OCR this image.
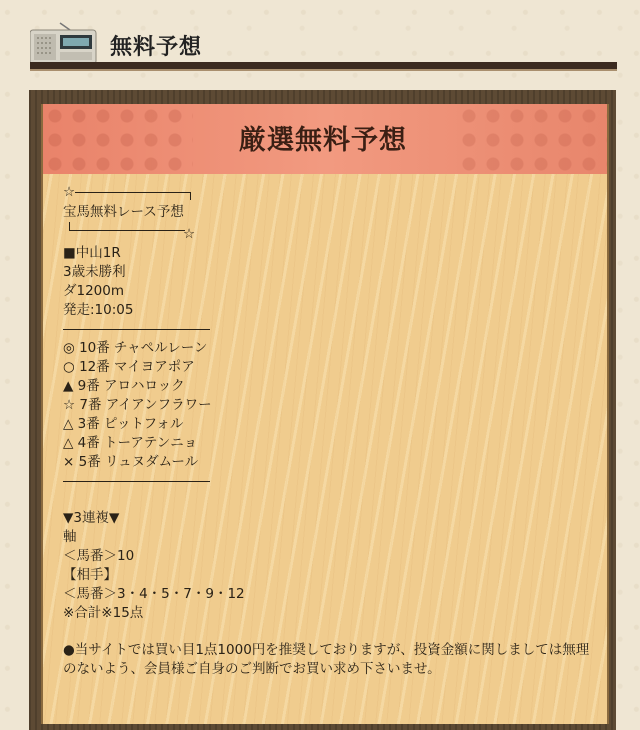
無料予想
厳選無料予想
☆
宝馬無料レース予想
☆
■中山1R
3歳未勝利
ダ1200m
発走:10:05
◎ 10番 チャペルレーン
○ 12番 マイヨアポア
▲ 9番 アロハロック
☆ 7番 アイアンフラワー
△ 3番 ピットフォル
△ 4番 トーアテンニョ
× 5番 リュヌダムール
▼3連複▼
軸
＜馬番＞10
【相手】
＜馬番＞3・4・5・7・9・12
※合計※15点
●当サイトでは買い目1点1000円を推奨しておりますが、投資金額に関しましては無理のないよう、会員様ご自身のご判断でお買い求め下さいませ。
